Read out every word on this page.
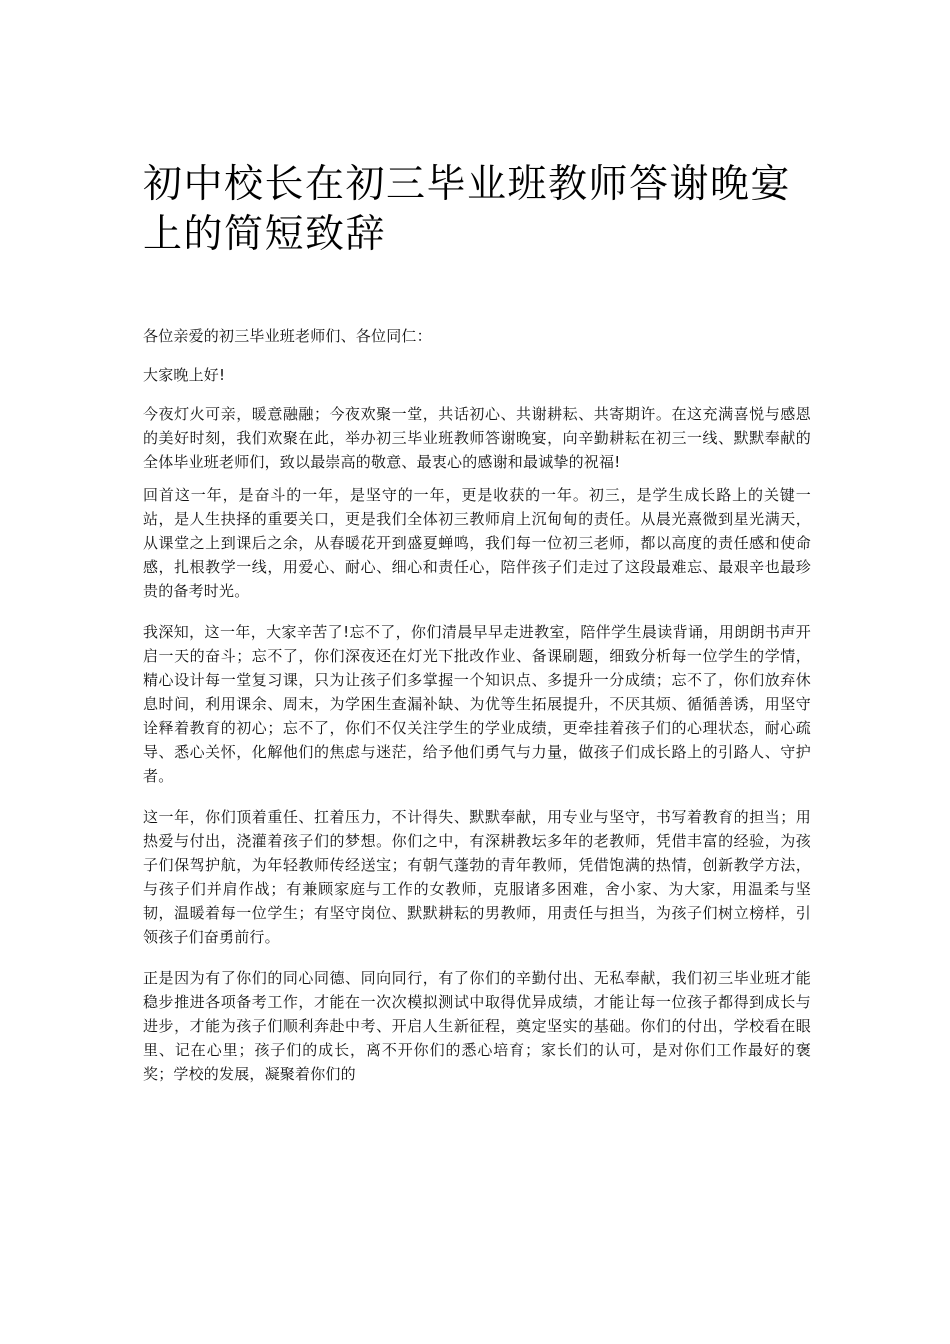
初中校长在初三毕业班教师答谢晚宴上的简短致辞

各位亲爱的初三毕业班老师们、各位同仁：

大家晚上好!

今夜灯火可亲，暖意融融；今夜欢聚一堂，共话初心、共谢耕耘、共寄期许。在这充满喜悦与感恩的美好时刻，我们欢聚在此，举办初三毕业班教师答谢晚宴，向辛勤耕耘在初三一线、默默奉献的全体毕业班老师们，致以最崇高的敬意、最衷心的感谢和最诚挚的祝福!

回首这一年，是奋斗的一年，是坚守的一年，更是收获的一年。初三，是学生成长路上的关键一站，是人生抉择的重要关口，更是我们全体初三教师肩上沉甸甸的责任。从晨光熹微到星光满天，从课堂之上到课后之余，从春暖花开到盛夏蝉鸣，我们每一位初三老师，都以高度的责任感和使命感，扎根教学一线，用爱心、耐心、细心和责任心，陪伴孩子们走过了这段最难忘、最艰辛也最珍贵的备考时光。

我深知，这一年，大家辛苦了!忘不了，你们清晨早早走进教室，陪伴学生晨读背诵，用朗朗书声开启一天的奋斗；忘不了，你们深夜还在灯光下批改作业、备课刷题，细致分析每一位学生的学情，精心设计每一堂复习课，只为让孩子们多掌握一个知识点、多提升一分成绩；忘不了，你们放弃休息时间，利用课余、周末，为学困生查漏补缺、为优等生拓展提升，不厌其烦、循循善诱，用坚守诠释着教育的初心；忘不了，你们不仅关注学生的学业成绩，更牵挂着孩子们的心理状态，耐心疏导、悉心关怀，化解他们的焦虑与迷茫，给予他们勇气与力量，做孩子们成长路上的引路人、守护者。

这一年，你们顶着重任、扛着压力，不计得失、默默奉献，用专业与坚守，书写着教育的担当；用热爱与付出，浇灌着孩子们的梦想。你们之中，有深耕教坛多年的老教师，凭借丰富的经验，为孩子们保驾护航，为年轻教师传经送宝；有朝气蓬勃的青年教师，凭借饱满的热情，创新教学方法，与孩子们并肩作战；有兼顾家庭与工作的女教师，克服诸多困难，舍小家、为大家，用温柔与坚韧，温暖着每一位学生；有坚守岗位、默默耕耘的男教师，用责任与担当，为孩子们树立榜样，引领孩子们奋勇前行。

正是因为有了你们的同心同德、同向同行，有了你们的辛勤付出、无私奉献，我们初三毕业班才能稳步推进各项备考工作，才能在一次次模拟测试中取得优异成绩，才能让每一位孩子都得到成长与进步，才能为孩子们顺利奔赴中考、开启人生新征程，奠定坚实的基础。你们的付出，学校看在眼里、记在心里；孩子们的成长，离不开你们的悉心培育；家长们的认可，是对你们工作最好的褒奖；学校的发展，凝聚着你们的
